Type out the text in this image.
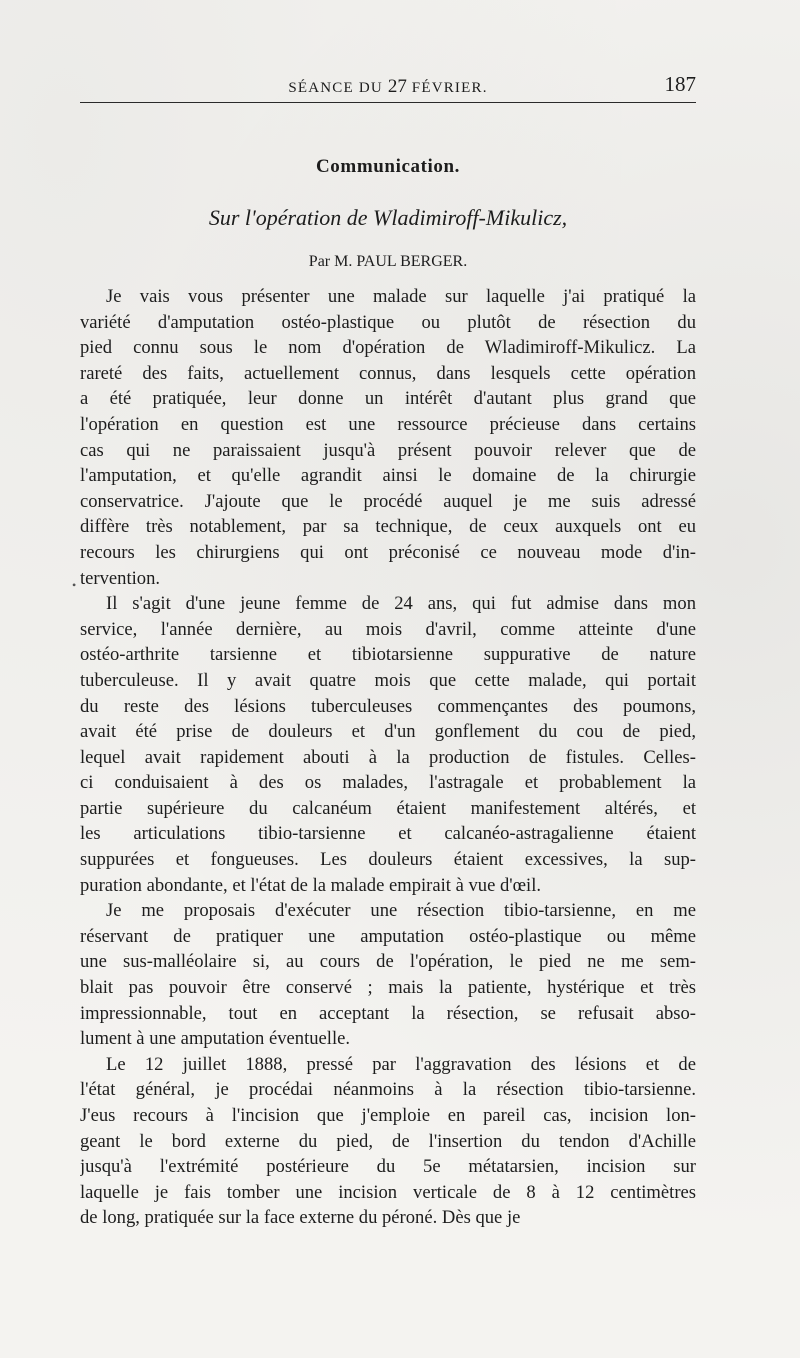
SÉANCE DU 27 FÉVRIER.	187
Communication.
Sur l'opération de Wladimiroff-Mikulicz,
Par M. PAUL BERGER.
•
Je vais vous présenter une malade sur laquelle j'ai pratiqué la
variété d'amputation ostéo-plastique ou plutôt de résection du
pied connu sous le nom d'opération de Wladimiroff-Mikulicz. La
rareté des faits, actuellement connus, dans lesquels cette opération
a été pratiquée, leur donne un intérêt d'autant plus grand que
l'opération en question est une ressource précieuse dans certains
cas qui ne paraissaient jusqu'à présent pouvoir relever que de
l'amputation, et qu'elle agrandit ainsi le domaine de la chirurgie
conservatrice. J'ajoute que le procédé auquel je me suis adressé
diffère très notablement, par sa technique, de ceux auxquels ont eu
recours les chirurgiens qui ont préconisé ce nouveau mode d'in-
tervention.
Il s'agit d'une jeune femme de 24 ans, qui fut admise dans mon
service, l'année dernière, au mois d'avril, comme atteinte d'une
ostéo-arthrite tarsienne et tibiotarsienne suppurative de nature
tuberculeuse. Il y avait quatre mois que cette malade, qui portait
du reste des lésions tuberculeuses commençantes des poumons,
avait été prise de douleurs et d'un gonflement du cou de pied,
lequel avait rapidement abouti à la production de fistules. Celles-
ci conduisaient à des os malades, l'astragale et probablement la
partie supérieure du calcanéum étaient manifestement altérés, et
les articulations tibio-tarsienne et calcanéo-astragalienne étaient
suppurées et fongueuses. Les douleurs étaient excessives, la sup-
puration abondante, et l'état de la malade empirait à vue d'œil.
Je me proposais d'exécuter une résection tibio-tarsienne, en me
réservant de pratiquer une amputation ostéo-plastique ou même
une sus-malléolaire si, au cours de l'opération, le pied ne me sem-
blait pas pouvoir être conservé ; mais la patiente, hystérique et très
impressionnable, tout en acceptant la résection, se refusait abso-
lument à une amputation éventuelle.
Le 12 juillet 1888, pressé par l'aggravation des lésions et de
l'état général, je procédai néanmoins à la résection tibio-tarsienne.
J'eus recours à l'incision que j'emploie en pareil cas, incision lon-
geant le bord externe du pied, de l'insertion du tendon d'Achille
jusqu'à l'extrémité postérieure du 5e métatarsien, incision sur
laquelle je fais tomber une incision verticale de 8 à 12 centimètres
de long, pratiquée sur la face externe du péroné. Dès que je
